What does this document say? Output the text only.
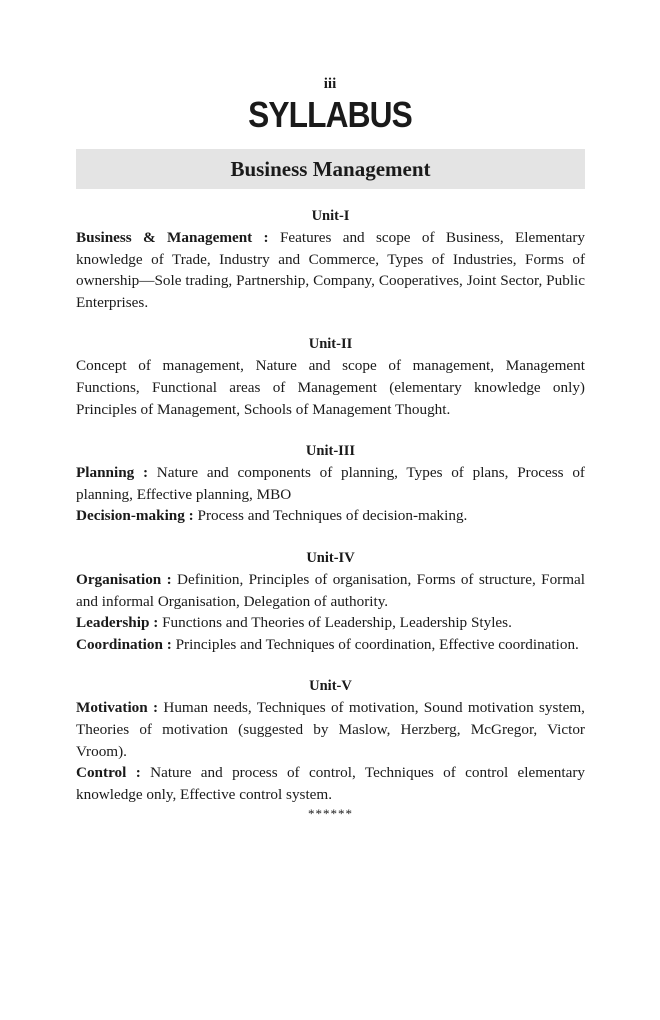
iii
SYLLABUS
Business Management
Unit-I

Business & Management : Features and scope of Business, Elementary knowledge of Trade, Industry and Commerce, Types of Industries, Forms of ownership—Sole trading, Partnership, Company, Cooperatives, Joint Sector, Public Enterprises.

Unit-II

Concept of management, Nature and scope of management, Management Functions, Functional areas of Management (elementary knowledge only) Principles of Management, Schools of Management Thought.

Unit-III

Planning : Nature and components of planning, Types of plans, Process of planning, Effective planning, MBO

Decision-making : Process and Techniques of decision-making.

Unit-IV

Organisation : Definition, Principles of organisation, Forms of structure, Formal and informal Organisation, Delegation of authority.

Leadership : Functions and Theories of Leadership, Leadership Styles.

Coordination : Principles and Techniques of coordination, Effective coordination.

Unit-V

Motivation : Human needs, Techniques of motivation, Sound motivation system, Theories of motivation (suggested by Maslow, Herzberg, McGregor, Victor Vroom).

Control : Nature and process of control, Techniques of control elementary knowledge only, Effective control system.

******
